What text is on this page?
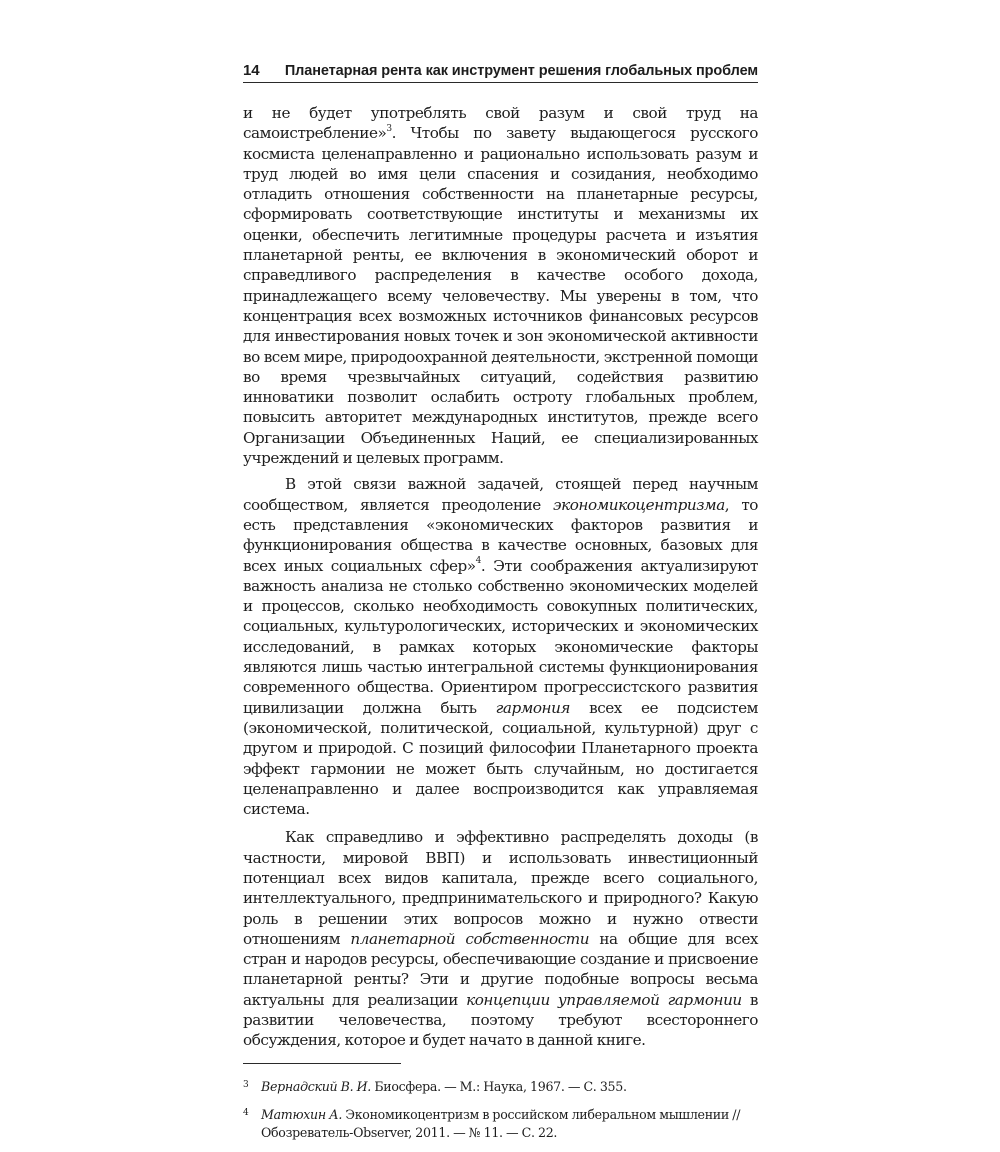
14 Планетарная рента как инструмент решения глобальных проблем

и не будет употреблять свой разум и свой труд на самоистребление»$^3$. Чтобы по завету выдающегося русского космиста целенаправленно и рационально использовать разум и труд людей во имя цели спасения и созидания, необходимо отладить отношения собственности на планетарные ресурсы, сформировать соответствующие институты и механизмы их оценки, обеспечить легитимные процедуры расчета и изъятия планетарной ренты, ее включения в экономический оборот и справедливого распределения в качестве особого дохода, принадлежащего всему человечеству. Мы уверены в том, что концентрация всех возможных источников финансовых ресурсов для инвестирования новых точек и зон экономической активности во всем мире, природоохранной деятельности, экстренной помощи во время чрезвычайных ситуаций, содействия развитию инноватики позволит ослабить остроту глобальных проблем, повысить авторитет международных институтов, прежде всего Организации Объединенных Наций, ее специализированных учреждений и целевых программ.

В этой связи важной задачей, стоящей перед научным сообществом, является преодоление экономикоцентризма, то есть представления «экономических факторов развития и функционирования общества в качестве основных, базовых для всех иных социальных сфер»$^4$. Эти соображения актуализируют важность анализа не столько собственно экономических моделей и процессов, сколько необходимость совокупных политических, социальных, культурологических, исторических и экономических исследований, в рамках которых экономические факторы являются лишь частью интегральной системы функционирования современного общества. Ориентиром прогрессистского развития цивилизации должна быть гармония всех ее подсистем (экономической, политической, социальной, культурной) друг с другом и природой. С позиций философии Планетарного проекта эффект гармонии не может быть случайным, но достигается целенаправленно и далее воспроизводится как управляемая система.

Как справедливо и эффективно распределять доходы (в частности, мировой ВВП) и использовать инвестиционный потенциал всех видов капитала, прежде всего социального, интеллектуального, предпринимательского и природного? Какую роль в решении этих вопросов можно и нужно отвести отношениям планетарной собственности на общие для всех стран и народов ресурсы, обеспечивающие создание и присвоение планетарной ренты? Эти и другие подобные вопросы весьма актуальны для реализации концепции управляемой гармонии в развитии человечества, поэтому требуют всестороннего обсуждения, которое и будет начато в данной книге.

3 Вернадский В. И. Биосфера. — М.: Наука, 1967. — С. 355.
4 Матюхин А. Экономикоцентризм в российском либеральном мышлении // Обозреватель-Observer, 2011. — № 11. — С. 22.
